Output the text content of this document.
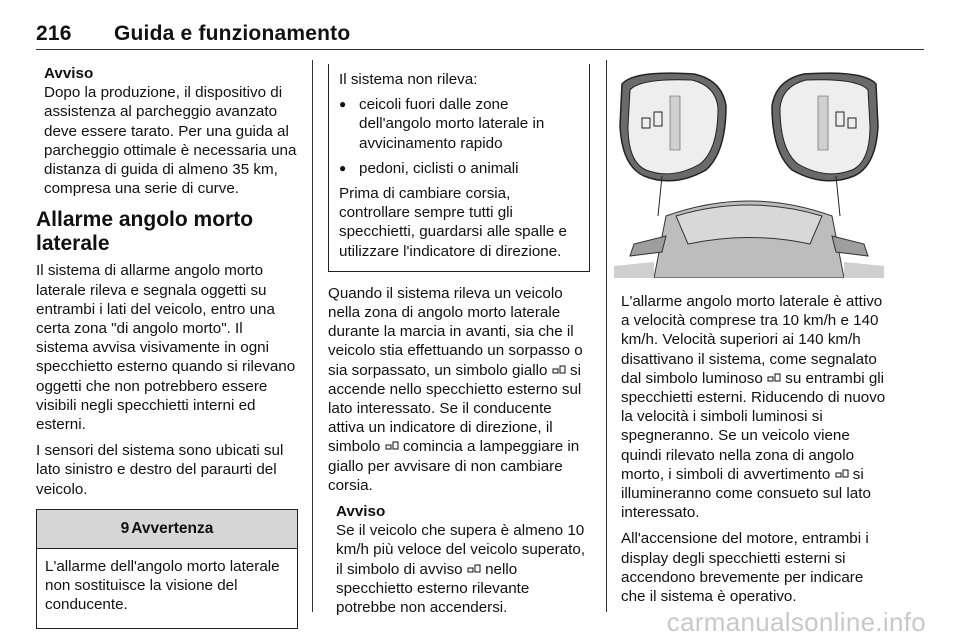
216 Guida e funzionamento

Avviso

Dopo la produzione, il dispositivo di assistenza al parcheggio avanzato deve essere tarato. Per una guida al parcheggio ottimale è necessaria una distanza di guida di almeno 35 km, compresa una serie di curve.

Allarme angolo morto laterale

Il sistema di allarme angolo morto laterale rileva e segnala oggetti su entrambi i lati del veicolo, entro una certa zona "di angolo morto". Il sistema avvisa visivamente in ogni specchietto esterno quando si rilevano oggetti che non potrebbero essere visibili negli specchietti interni ed esterni.

I sensori del sistema sono ubicati sul lato sinistro e destro del paraurti del veicolo.

9 Avvertenza

L'allarme dell'angolo morto laterale non sostituisce la visione del conducente.

Il sistema non rileva:

● ceicoli fuori dalle zone dell'angolo morto laterale in avvicinamento rapido
● pedoni, ciclisti o animali

Prima di cambiare corsia, controllare sempre tutti gli specchietti, guardarsi alle spalle e utilizzare l'indicatore di direzione.

Quando il sistema rileva un veicolo nella zona di angolo morto laterale durante la marcia in avanti, sia che il veicolo stia effettuando un sorpasso o sia sorpassato, un simbolo giallo si accende nello specchietto esterno sul lato interessato. Se il conducente attiva un indicatore di direzione, il simbolo comincia a lampeggiare in giallo per avvisare di non cambiare corsia.

Avviso

Se il veicolo che supera è almeno 10 km/h più veloce del veicolo superato, il simbolo di avviso nello specchietto esterno rilevante potrebbe non accendersi.

L'allarme angolo morto laterale è attivo a velocità comprese tra 10 km/h e 140 km/h. Velocità superiori ai 140 km/h disattivano il sistema, come segnalato dal simbolo luminoso su entrambi gli specchietti esterni. Riducendo di nuovo la velocità i simboli luminosi si spegneranno. Se un veicolo viene quindi rilevato nella zona di angolo morto, i simboli di avvertimento si illumineranno come consueto sul lato interessato.

All'accensione del motore, entrambi i display degli specchietti esterni si accendono brevemente per indicare che il sistema è operativo.

carmanualsonline.info
